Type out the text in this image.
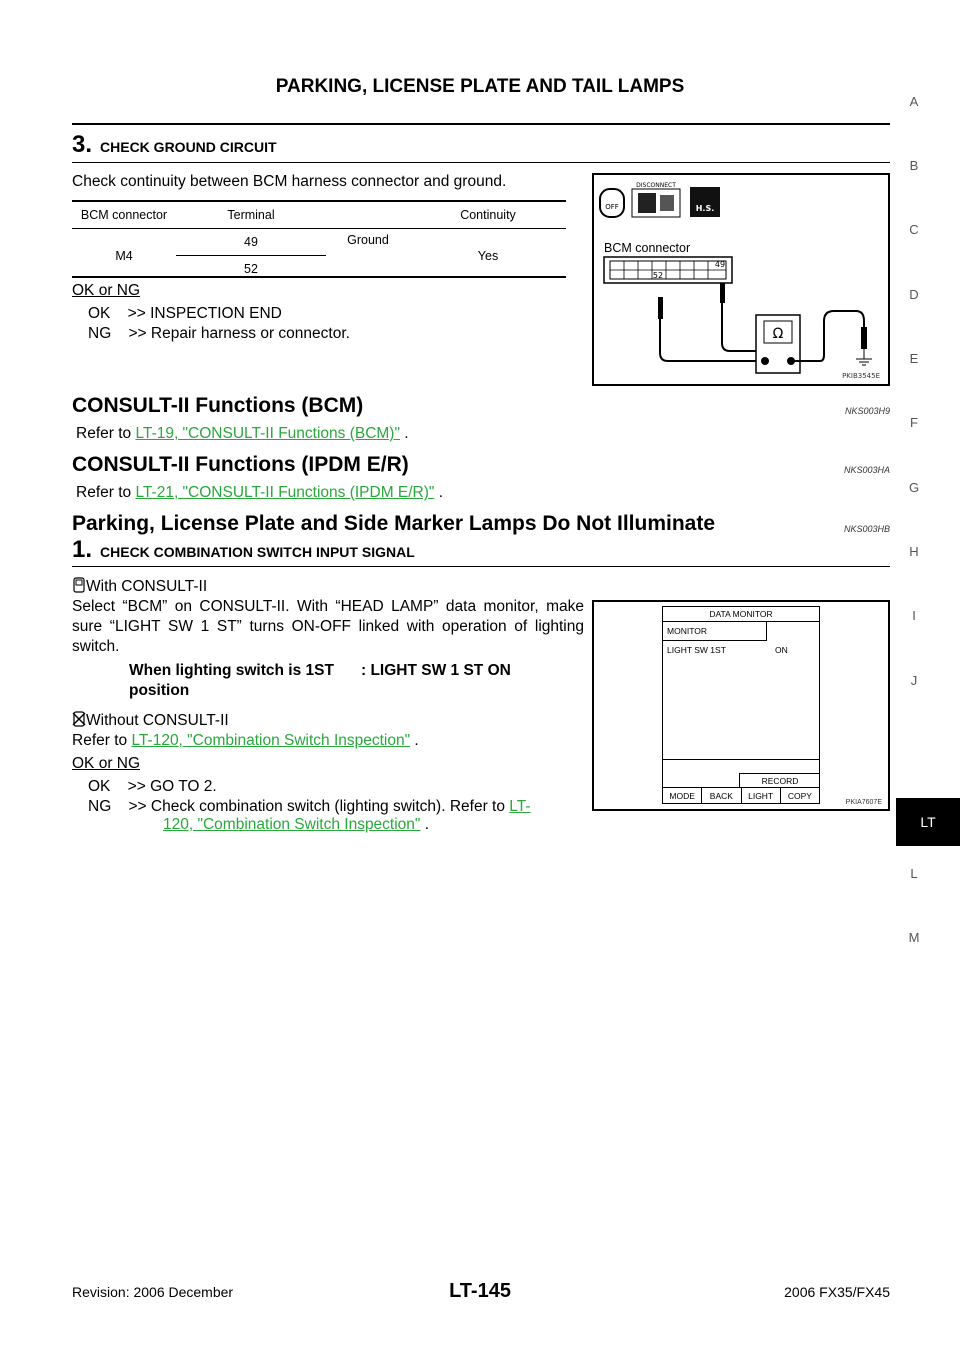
PARKING, LICENSE PLATE AND TAIL LAMPS
A
B
C
D
E
F
G
H
I
J
LT
L
M
3. CHECK GROUND CIRCUIT
Check continuity between BCM harness connector and ground.
BCM connector	Terminal		Continuity
M4	49	Ground	Yes
	52		
OK or NG
OK >> INSPECTION END
NG >> Repair harness or connector.
OFF
DISCONNECT
H.S.
BCM connector
52
49
Ω
PKIB3545E
CONSULT-II Functions (BCM)	NKS003H9
Refer to LT-19, "CONSULT-II Functions (BCM)" .
CONSULT-II Functions (IPDM E/R)	NKS003HA
Refer to LT-21, "CONSULT-II Functions (IPDM E/R)" .
Parking, License Plate and Side Marker Lamps Do Not Illuminate	NKS003HB
1. CHECK COMBINATION SWITCH INPUT SIGNAL
With CONSULT-II
Select “BCM” on CONSULT-II. With “HEAD LAMP” data monitor, make sure “LIGHT SW 1 ST” turns ON-OFF linked with operation of lighting switch.
When lighting switch is 1ST position
: LIGHT SW 1 ST ON
Without CONSULT-II
Refer to LT-120, "Combination Switch Inspection" .
OK or NG
OK >> GO TO 2.
NG >> Check combination switch (lighting switch). Refer to LT-
120, "Combination Switch Inspection" .
DATA MONITOR
MONITOR
LIGHT SW 1ST	ON
RECORD
MODE	BACK	LIGHT	COPY
PKIA7607E
Revision: 2006 December	LT-145	2006 FX35/FX45
